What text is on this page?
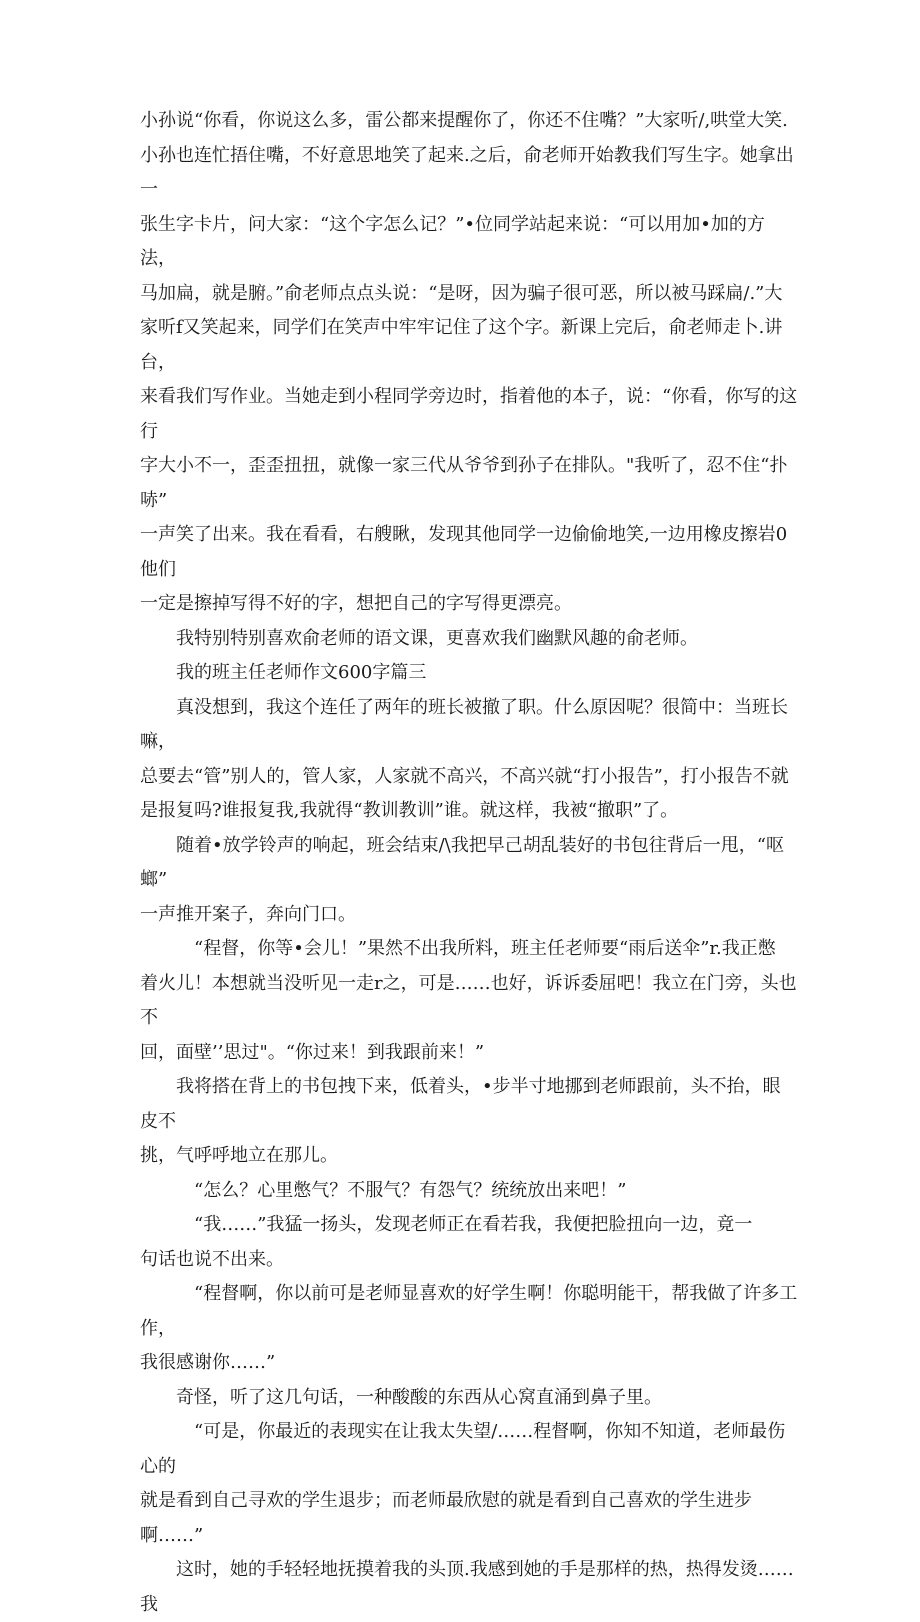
小孙说“你看，你说这么多，雷公都来提醒你了，你还不住嘴？”大家听/,哄堂大笑.
小孙也连忙捂住嘴，不好意思地笑了起来.之后，俞老师开始教我们写生字。她拿出一
张生字卡片，问大家：“这个字怎么记？”•位同学站起来说：“可以用加•加的方法，
马加扁，就是腑。”俞老师点点头说：“是呀，因为骗子很可恶，所以被马踩扁/.”大
家听f又笑起来，同学们在笑声中牢牢记住了这个字。新课上完后，俞老师走卜.讲台，
来看我们写作业。当她走到小程同学旁边时，指着他的本子，说：“你看，你写的这行
字大小不一，歪歪扭扭，就像一家三代从爷爷到孙子在排队。"我听了，忍不住“扑哧”
一声笑了出来。我在看看，右艘瞅，发现其他同学一边偷偷地笑,一边用橡皮擦岩0他们
一定是擦掉写得不好的字，想把自己的字写得更漂亮。

　　我特别特别喜欢俞老师的语文课，更喜欢我们幽默风趣的俞老师。

　　我的班主任老师作文600字篇三

　　真没想到，我这个连任了两年的班长被撤了职。什么原因呢？很简中：当班长嘛，
总要去“管”别人的，管人家，人家就不高兴，不高兴就“打小报告”，打小报告不就
是报复吗?谁报复我,我就得“教训教训”谁。就这样，我被“撤职”了。

　　随着•放学铃声的响起，班会结束/\我把早己胡乱装好的书包往背后一甩，“呕螂”
一声推开案子，奔向门口。

　　　“程督，你等•会儿！”果然不出我所料，班主任老师要“雨后送伞”r.我正憋
着火儿！本想就当没听见一走r之，可是……也好，诉诉委屈吧！我立在门旁，头也不
回，面壁’’思过"。“你过来！到我跟前来！”

　　我将搭在背上的书包拽下来，低着头，•步半寸地挪到老师跟前，头不抬，眼皮不
挑，气呼呼地立在那儿。

　　　“怎么？心里憋气？不服气？有怨气？统统放出来吧！”

　　　“我……”我猛一扬头，发现老师正在看若我，我便把脸扭向一边，竟一
句话也说不出来。

　　　“程督啊，你以前可是老师显喜欢的好学生啊！你聪明能干，帮我做了许多工作，
我很感谢你……”

　　奇怪，听了这几句话，一种酸酸的东西从心窝直涌到鼻子里。

　　　“可是，你最近的表现实在让我太失望/……程督啊，你知不知道，老师最伤心的
就是看到自己寻欢的学生退步；而老师最欣慰的就是看到自己喜欢的学生进步啊……”

　　这时，她的手轻轻地抚摸着我的头顶.我感到她的手是那样的热，热得发烫……我
